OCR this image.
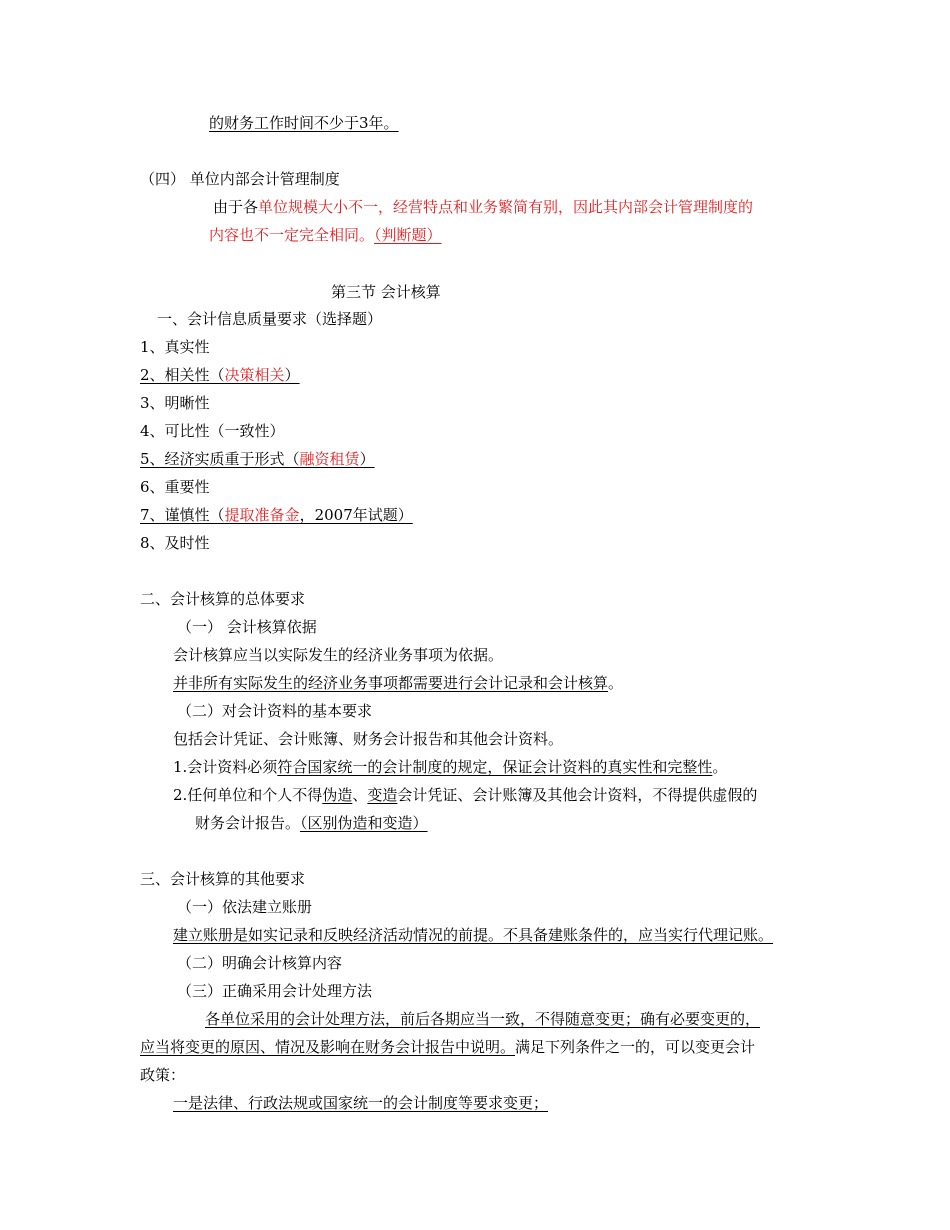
的财务工作时间不少于3年。
（四） 单位内部会计管理制度
由于各单位规模大小不一，经营特点和业务繁简有别，因此其内部会计管理制度的
内容也不一定完全相同。（判断题）
第三节 会计核算
一、会计信息质量要求（选择题）
1、真实性
2、相关性（决策相关）
3、明晰性
4、可比性（一致性）
5、经济实质重于形式（融资租赁）
6、重要性
7、谨慎性（提取准备金，2007年试题）
8、及时性
二、会计核算的总体要求
（一） 会计核算依据
会计核算应当以实际发生的经济业务事项为依据。
并非所有实际发生的经济业务事项都需要进行会计记录和会计核算。
（二）对会计资料的基本要求
包括会计凭证、会计账簿、财务会计报告和其他会计资料。
1.会计资料必须符合国家统一的会计制度的规定，保证会计资料的真实性和完整性。
2.任何单位和个人不得伪造、变造会计凭证、会计账簿及其他会计资料，不得提供虚假的
财务会计报告。（区别伪造和变造）
三、会计核算的其他要求
（一）依法建立账册
建立账册是如实记录和反映经济活动情况的前提。不具备建账条件的，应当实行代理记账。
（二）明确会计核算内容
（三）正确采用会计处理方法
各单位采用的会计处理方法，前后各期应当一致，不得随意变更；确有必要变更的，
应当将变更的原因、情况及影响在财务会计报告中说明。满足下列条件之一的，可以变更会计
政策：
一是法律、行政法规或国家统一的会计制度等要求变更；
